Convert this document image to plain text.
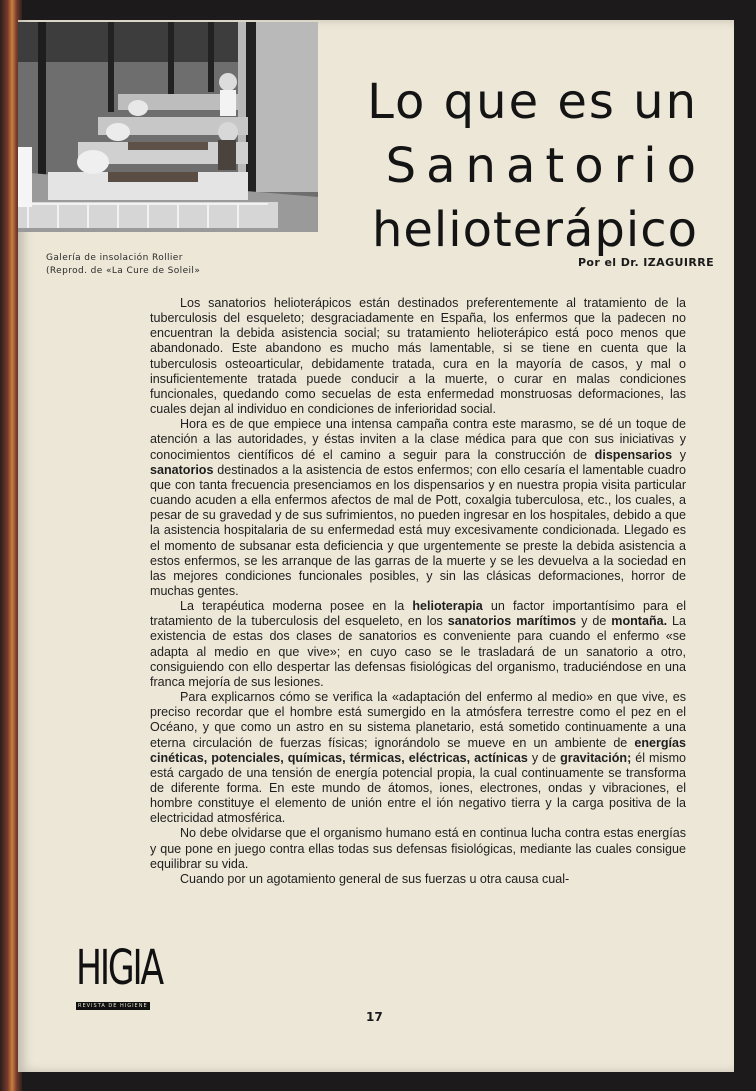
Galería de insolación Rollier
(Reprod. de «La Cure de Soleil»
Lo que es un
Sanatorio
helioterápico
Por el Dr. IZAGUIRRE

Los sanatorios helioterápicos están destinados preferentemente al tratamiento de la tuberculosis del esqueleto; desgraciadamente en España, los enfermos que la padecen no encuentran la debida asistencia social; su tratamiento helioterápico está poco menos que abandonado. Este abandono es mucho más lamentable, si se tiene en cuenta que la tuberculosis osteoarticular, debidamente tratada, cura en la mayoría de casos, y mal o insuficientemente tratada puede conducir a la muerte, o curar en malas condiciones funcionales, quedando como secuelas de esta enfermedad monstruosas deformaciones, las cuales dejan al individuo en condiciones de inferioridad social.

Hora es de que empiece una intensa campaña contra este marasmo, se dé un toque de atención a las autoridades, y éstas inviten a la clase médica para que con sus iniciativas y conocimientos científicos dé el camino a seguir para la construcción de dispensarios y sanatorios destinados a la asistencia de estos enfermos; con ello cesaría el lamentable cuadro que con tanta frecuencia presenciamos en los dispensarios y en nuestra propia visita particular cuando acuden a ella enfermos afectos de mal de Pott, coxalgia tuberculosa, etc., los cuales, a pesar de su gravedad y de sus sufrimientos, no pueden ingresar en los hospitales, debido a que la asistencia hospitalaria de su enfermedad está muy excesivamente condicionada. Llegado es el momento de subsanar esta deficiencia y que urgentemente se preste la debida asistencia a estos enfermos, se les arranque de las garras de la muerte y se les devuelva a la sociedad en las mejores condiciones funcionales posibles, y sin las clásicas deformaciones, horror de muchas gentes.

La terapéutica moderna posee en la helioterapia un factor importantísimo para el tratamiento de la tuberculosis del esqueleto, en los sanatorios marítimos y de montaña. La existencia de estas dos clases de sanatorios es conveniente para cuando el enfermo «se adapta al medio en que vive»; en cuyo caso se le trasladará de un sanatorio a otro, consiguiendo con ello despertar las defensas fisiológicas del organismo, traduciéndose en una franca mejoría de sus lesiones.

Para explicarnos cómo se verifica la «adaptación del enfermo al medio» en que vive, es preciso recordar que el hombre está sumergido en la atmósfera terrestre como el pez en el Océano, y que como un astro en su sistema planetario, está sometido continuamente a una eterna circulación de fuerzas físicas; ignorándolo se mueve en un ambiente de energías cinéticas, potenciales, químicas, térmicas, eléctricas, actínicas y de gravitación; él mismo está cargado de una tensión de energía potencial propia, la cual continuamente se transforma de diferente forma. En este mundo de átomos, iones, electrones, ondas y vibraciones, el hombre constituye el elemento de unión entre el ión negativo tierra y la carga positiva de la electricidad atmosférica.

No debe olvidarse que el organismo humano está en continua lucha contra estas energías y que pone en juego contra ellas todas sus defensas fisiológicas, mediante las cuales consigue equilibrar su vida.

Cuando por un agotamiento general de sus fuerzas u otra causa cual-

HIGIA
REVISTA DE HIGIENE
17
